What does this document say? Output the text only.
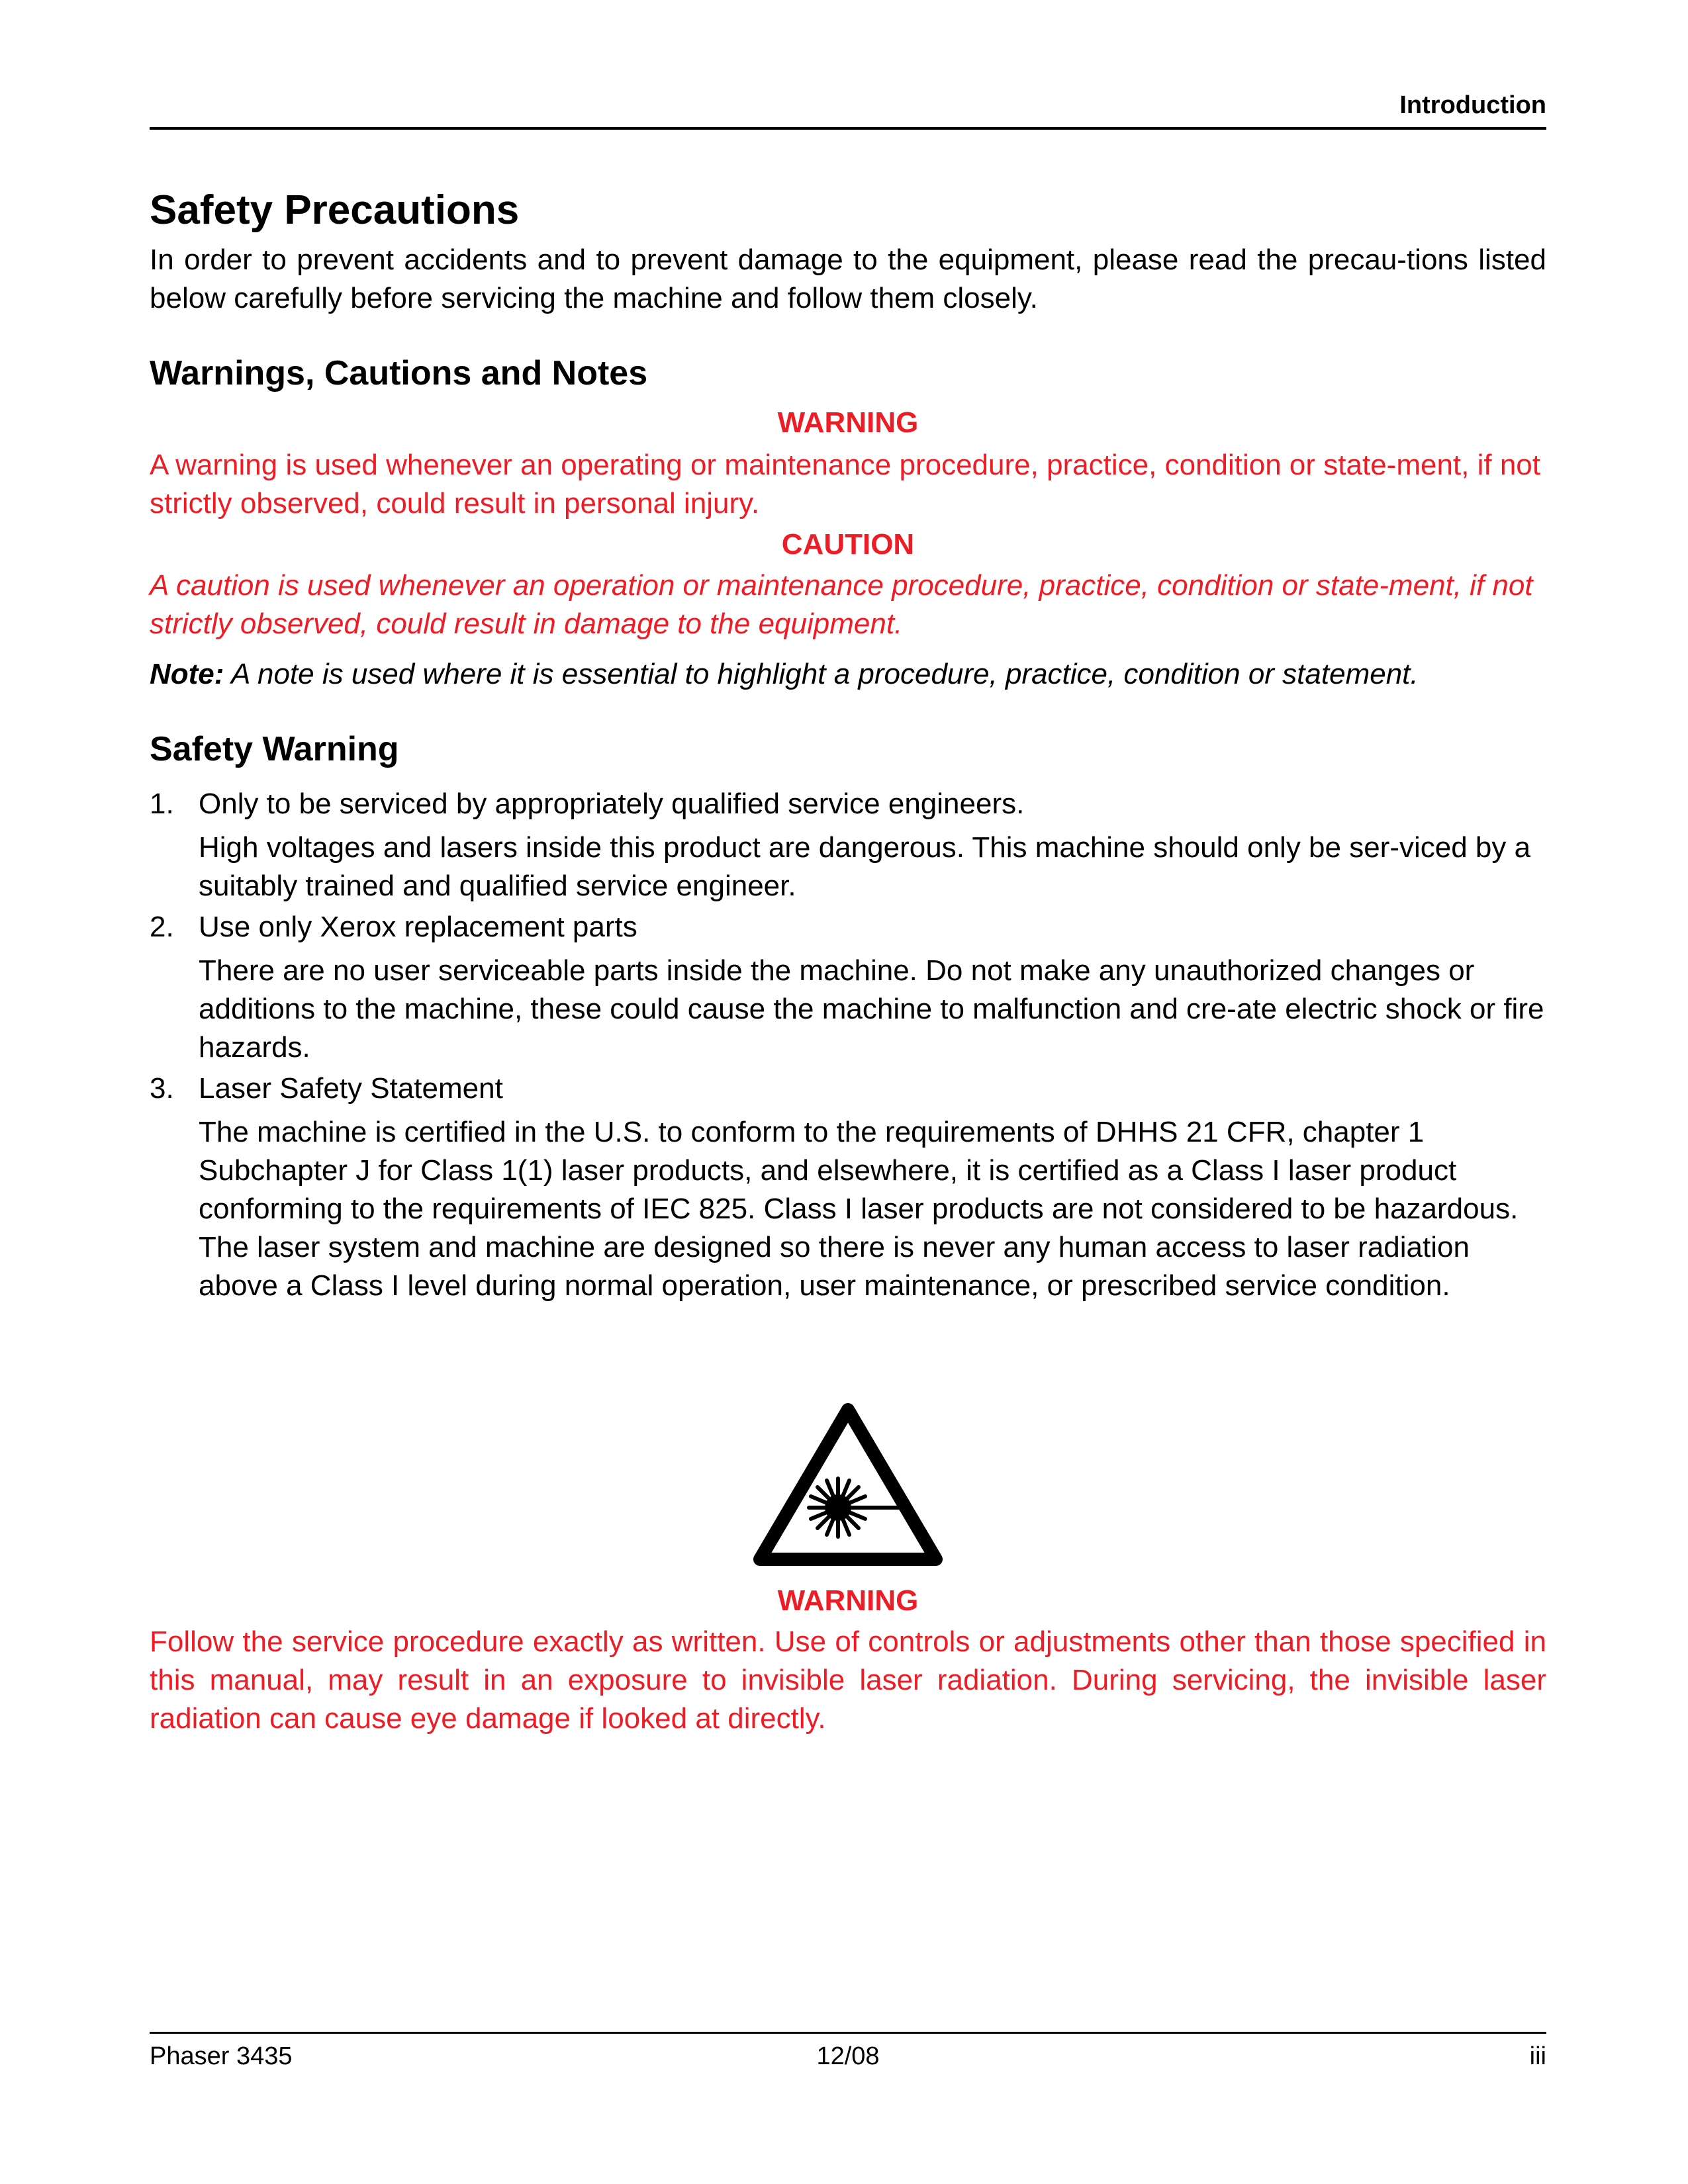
Introduction
Safety Precautions

In order to prevent accidents and to prevent damage to the equipment, please read the precau-tions listed below carefully before servicing the machine and follow them closely.

Warnings, Cautions and Notes
WARNING

A warning is used whenever an operating or maintenance procedure, practice, condition or state-ment, if not strictly observed, could result in personal injury.

CAUTION

A caution is used whenever an operation or maintenance procedure, practice, condition or state-ment, if not strictly observed, could result in damage to the equipment.

Note: A note is used where it is essential to highlight a procedure, practice, condition or statement.

Safety Warning
1. Only to be serviced by appropriately qualified service engineers.

High voltages and lasers inside this product are dangerous. This machine should only be ser-viced by a suitably trained and qualified service engineer.

2. Use only Xerox replacement parts

There are no user serviceable parts inside the machine. Do not make any unauthorized changes or additions to the machine, these could cause the machine to malfunction and cre-ate electric shock or fire hazards.

3. Laser Safety Statement

The machine is certified in the U.S. to conform to the requirements of DHHS 21 CFR, chapter 1 Subchapter J for Class 1(1) laser products, and elsewhere, it is certified as a Class I laser product conforming to the requirements of IEC 825. Class I laser products are not considered to be hazardous. The laser system and machine are designed so there is never any human access to laser radiation above a Class I level during normal operation, user maintenance, or prescribed service condition.

WARNING

Follow the service procedure exactly as written. Use of controls or adjustments other than those specified in this manual, may result in an exposure to invisible laser radiation. During servicing, the invisible laser radiation can cause eye damage if looked at directly.

Phaser 3435	12/08	iii
